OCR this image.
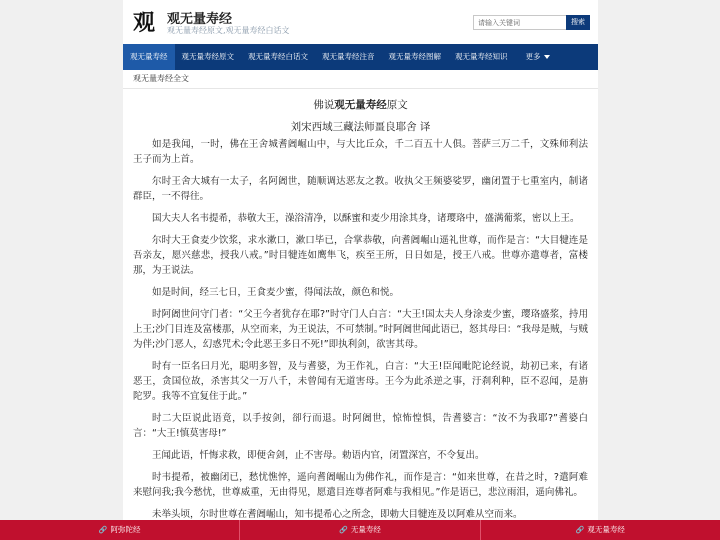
观 观无量寿经
观无量寿经原文,观无量寿经白话文
请输入关键词
搜索
观无量寿经	观无量寿经原文	观无量寿经白话文	观无量寿经注音	观无量寿经图解	观无量寿经知识	更多
观无量寿经全文
佛说观无量寿经原文
刘宋西域三藏法师畺良耶舍 译

如是我闻，一时，佛在王舍城耆阇崛山中，与大比丘众，千二百五十人俱。菩萨三万二千，文殊师利法王子而为上首。

尔时王舍大城有一太子，名阿阇世，随顺调达恶友之教。收执父王频婆娑罗，幽闭置于七重室内，制诸群臣，一不得往。

国大夫人名韦提希，恭敬大王，澡浴清净，以酥蜜和麦少用涂其身，诸璎珞中，盛满葡浆，密以上王。

尔时大王食麦少饮浆，求水漱口，漱口毕已，合掌恭敬，向耆阇崛山遥礼世尊，而作是言：“大目犍连是吾亲友，愿兴慈悲，授我八戒。”时目犍连如鹰隼飞，疾至王所，日日如是，授王八戒。世尊亦遣尊者，富楼那，为王说法。

如是时间，经三七日，王食麦少蜜，得闻法故，颜色和悦。

时阿阇世问守门者：“父王今者犹存在耶?”时守门人白言：“大王!国太夫人身涂麦少蜜，璎珞盛浆，持用上王;沙门目连及富楼那，从空而来，为王说法，不可禁制。”时阿阇世闻此语已，怒其母曰：“我母是贼，与贼为伴;沙门恶人，幻惑咒术;令此恶王多日不死!”即执利剑，欲害其母。

时有一臣名曰月光，聪明多智，及与耆婆，为王作礼，白言：“大王!臣闻毗陀论经说，劫初已来，有诸恶王，贪国位故，杀害其父一万八千，未曾闻有无道害母。王今为此杀逆之事，汙刹利种，臣不忍闻，是旃陀罗。我等不宜复住于此。”

时二大臣说此语竟，以手按剑，卻行而退。时阿阇世，惊怖惶惧，告耆婆言：“汝不为我耶?”耆婆白言：“大王!慎莫害母!”

王闻此语，忏悔求救，即便舍剑，止不害母。勅语内官，闭置深宫，不令复出。

时韦提希，被幽闭已，愁忧憔悴，遥向耆阇崛山为佛作礼，而作是言：“如来世尊，在昔之时，?遣阿难来慰问我;我今愁忧，世尊威重，无由得见，愿遣目连尊者阿难与我相见。”作是语已，悲泣雨泪，遥向佛礼。

未举头顷，尔时世尊在耆阇崛山，知韦提希心之所念，即勅大目犍连及以阿难从空而来。

🔗 阿弥陀经	🔗 无量寿经	🔗 观无量寿经
